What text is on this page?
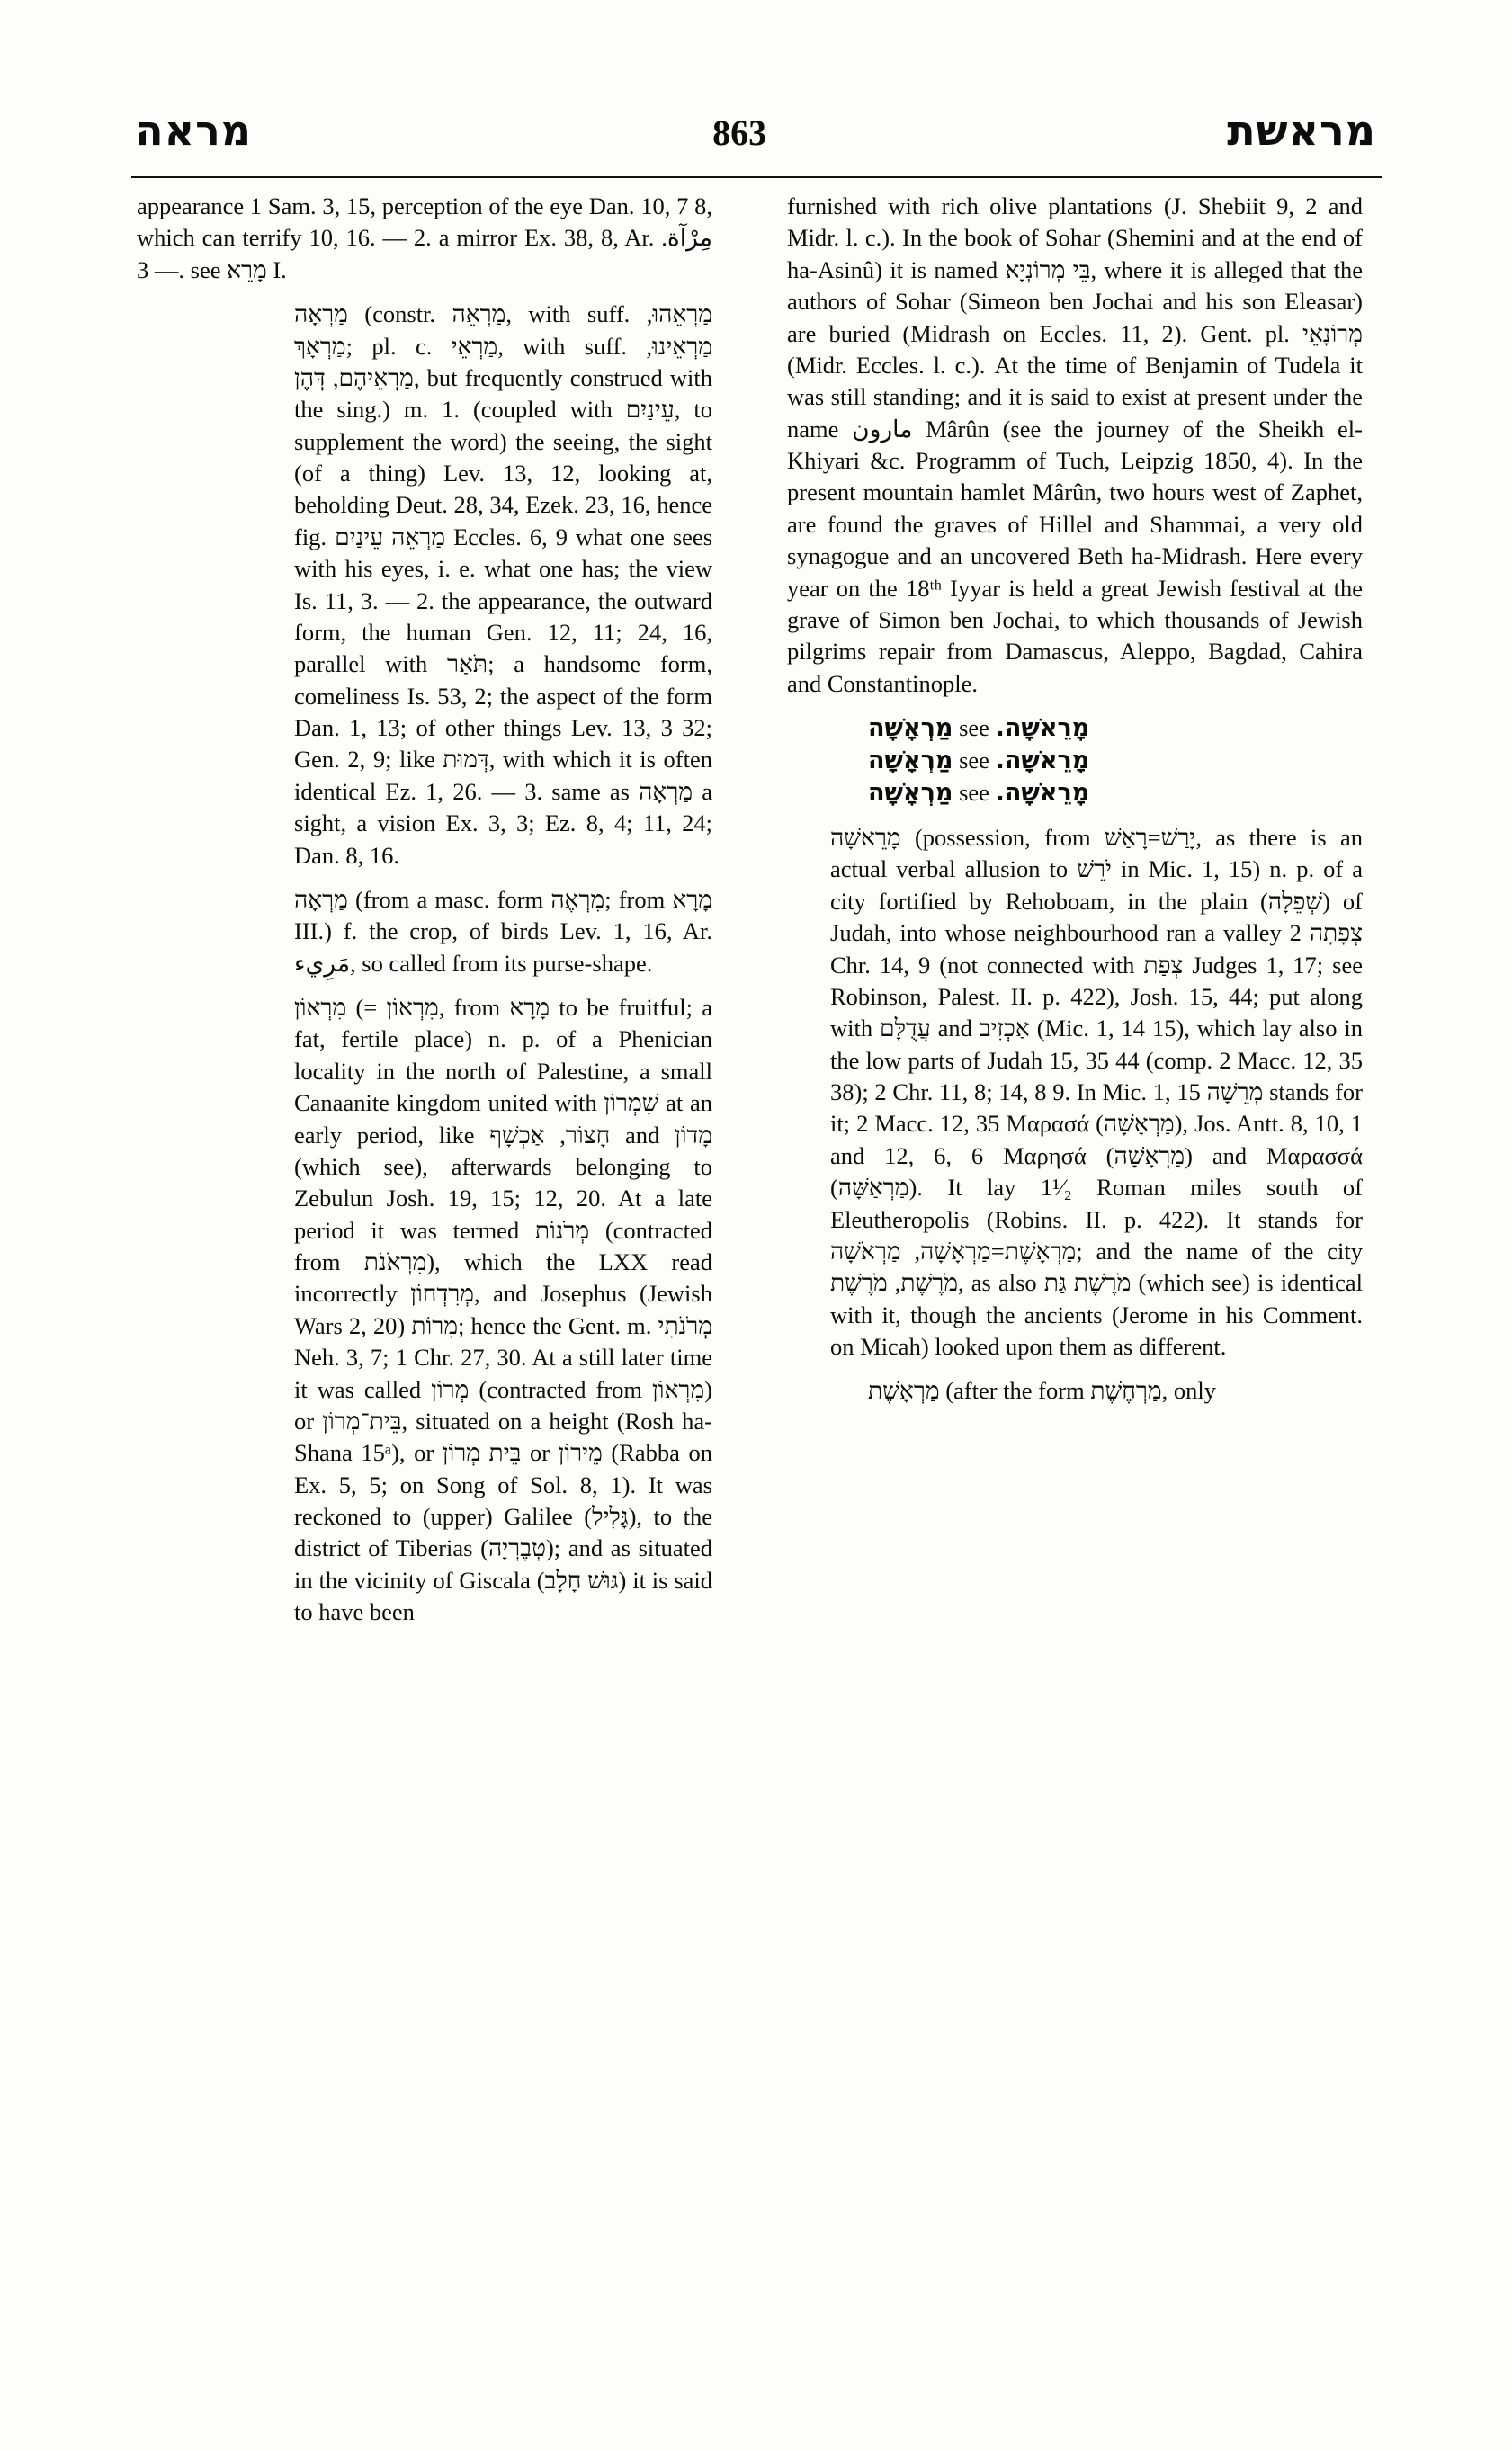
מראה	863	מראשת

appearance 1 Sam. 3, 15, perception of the eye Dan. 10, 7 8, which can terrify 10, 16. — 2. a mirror Ex. 38, 8, Ar. مِرْآة. — 3. see מָרֵא I.

מַרְאָה (constr. מַרְאֵה, with suff. מַרְאֵהוּ, מַרְאָךְ; pl. c. מַרְאֵי, with suff. מַרְאֵינוּ, מַרְאֵיהֶם, דְּהֶן, but frequently construed with the sing.) m. 1. (coupled with עֵינַיִם, to supplement the word) the seeing, the sight (of a thing) Lev. 13, 12, looking at, beholding Deut. 28, 34, Ezek. 23, 16, hence fig. מַרְאֵה עֵינַיִם Eccles. 6, 9 what one sees with his eyes, i. e. what one has; the view Is. 11, 3. — 2. the appearance, the outward form, the human Gen. 12, 11; 24, 16, parallel with תֹּאַר; a handsome form, comeliness Is. 53, 2; the aspect of the form Dan. 1, 13; of other things Lev. 13, 3 32; Gen. 2, 9; like דְּמוּת, with which it is often identical Ez. 1, 26. — 3. same as מַרְאָה a sight, a vision Ex. 3, 3; Ez. 8, 4; 11, 24; Dan. 8, 16.

מַרְאָה (from a masc. form מִרְאֶה; from מָרָא III.) f. the crop, of birds Lev. 1, 16, Ar. مَرِيء, so called from its purse-shape.

מִרְאוֹן (= מִרְאוֹן, from מָרָא to be fruitful; a fat, fertile place) n. p. of a Phenician locality in the north of Palestine, a small Canaanite kingdom united with שִׁמְרוֹן at an early period, like חָצוֹר, אַכְשָׁף and מָדוֹן (which see), afterwards belonging to Zebulun Josh. 19, 15; 12, 20. At a late period it was termed מְרֹנוֹת (contracted from מִרְאֹנֹת), which the LXX read incorrectly מְרִדְחוֹן, and Josephus (Jewish Wars 2, 20) מִרוֹת; hence the Gent. m. מְרֹנֹתִי Neh. 3, 7; 1 Chr. 27, 30. At a still later time it was called מְרוֹן (contracted from מִרְאוֹן) or בֵּית־מְרוֹן, situated on a height (Rosh ha-Shana 15ᵃ), or בֵּית מְרוֹן or מֵירוֹן (Rabba on Ex. 5, 5; on Song of Sol. 8, 1). It was reckoned to (upper) Galilee (גָּלִיל), to the district of Tiberias (טְבֶרְיָה); and as situated in the vicinity of Giscala (גּוּשׁ חָלָב) it is said to have been

furnished with rich olive plantations (J. Shebiit 9, 2 and Midr. l. c.). In the book of Sohar (Shemini and at the end of ha-Asinû) it is named בֵּי מְרוֹנְיָא, where it is alleged that the authors of Sohar (Simeon ben Jochai and his son Eleasar) are buried (Midrash on Eccles. 11, 2). Gent. pl. מְרוֹנָאֵי (Midr. Eccles. l. c.). At the time of Benjamin of Tudela it was still standing; and it is said to exist at present under the name مارون Mârûn (see the journey of the Sheikh el-Khiyari &c. Programm of Tuch, Leipzig 1850, 4). In the present mountain hamlet Mârûn, two hours west of Zaphet, are found the graves of Hillel and Shammai, a very old synagogue and an uncovered Beth ha-Midrash. Here every year on the 18ᵗʰ Iyyar is held a great Jewish festival at the grave of Simon ben Jochai, to which thousands of Jewish pilgrims repair from Damascus, Aleppo, Bagdad, Cahira and Constantinople.

מַרְאָשָׁה see מָרֵאשָׁה.

מַרְאָשָׁה see מָרֵאשָׁה.

מַרְאָשָׁה see מָרֵאשָׁה.

מָרֵאשָׁה (possession, from יָרַשׁ=רָאַשׁ, as there is an actual verbal allusion to יֹרֵשׁ in Mic. 1, 15) n. p. of a city fortified by Rehoboam, in the plain (שְׁפֵלָה) of Judah, into whose neighbourhood ran a valley צְפָתָה 2 Chr. 14, 9 (not connected with צְפַת Judges 1, 17; see Robinson, Palest. II. p. 422), Josh. 15, 44; put along with עֲדֻלָּם and אַכְזִיב (Mic. 1, 14 15), which lay also in the low parts of Judah 15, 35 44 (comp. 2 Macc. 12, 35 38); 2 Chr. 11, 8; 14, 8 9. In Mic. 1, 15 מְרֵשָׁה stands for it; 2 Macc. 12, 35 Μαρασά (מַרְאָשָׁה), Jos. Antt. 8, 10, 1 and 12, 6, 6 Μαρησά (מַרְאָשָׁה) and Μαρασσά (מַרְאַשָּׁה). It lay 1¹⁄₂ Roman miles south of Eleutheropolis (Robins. II. p. 422). It stands for מַרְאָשֶׁת=מַרְאָשָׁה, מַרְאֹשָׁה; and the name of the city מֹרֶשֶׁת, מֹרֶשֶׁת, as also מֹרֶשֶׁת גַּת (which see) is identical with it, though the ancients (Jerome in his Comment. on Micah) looked upon them as different.

מַרְאָשֶׁת (after the form מַרְחֶשֶׁת, only
